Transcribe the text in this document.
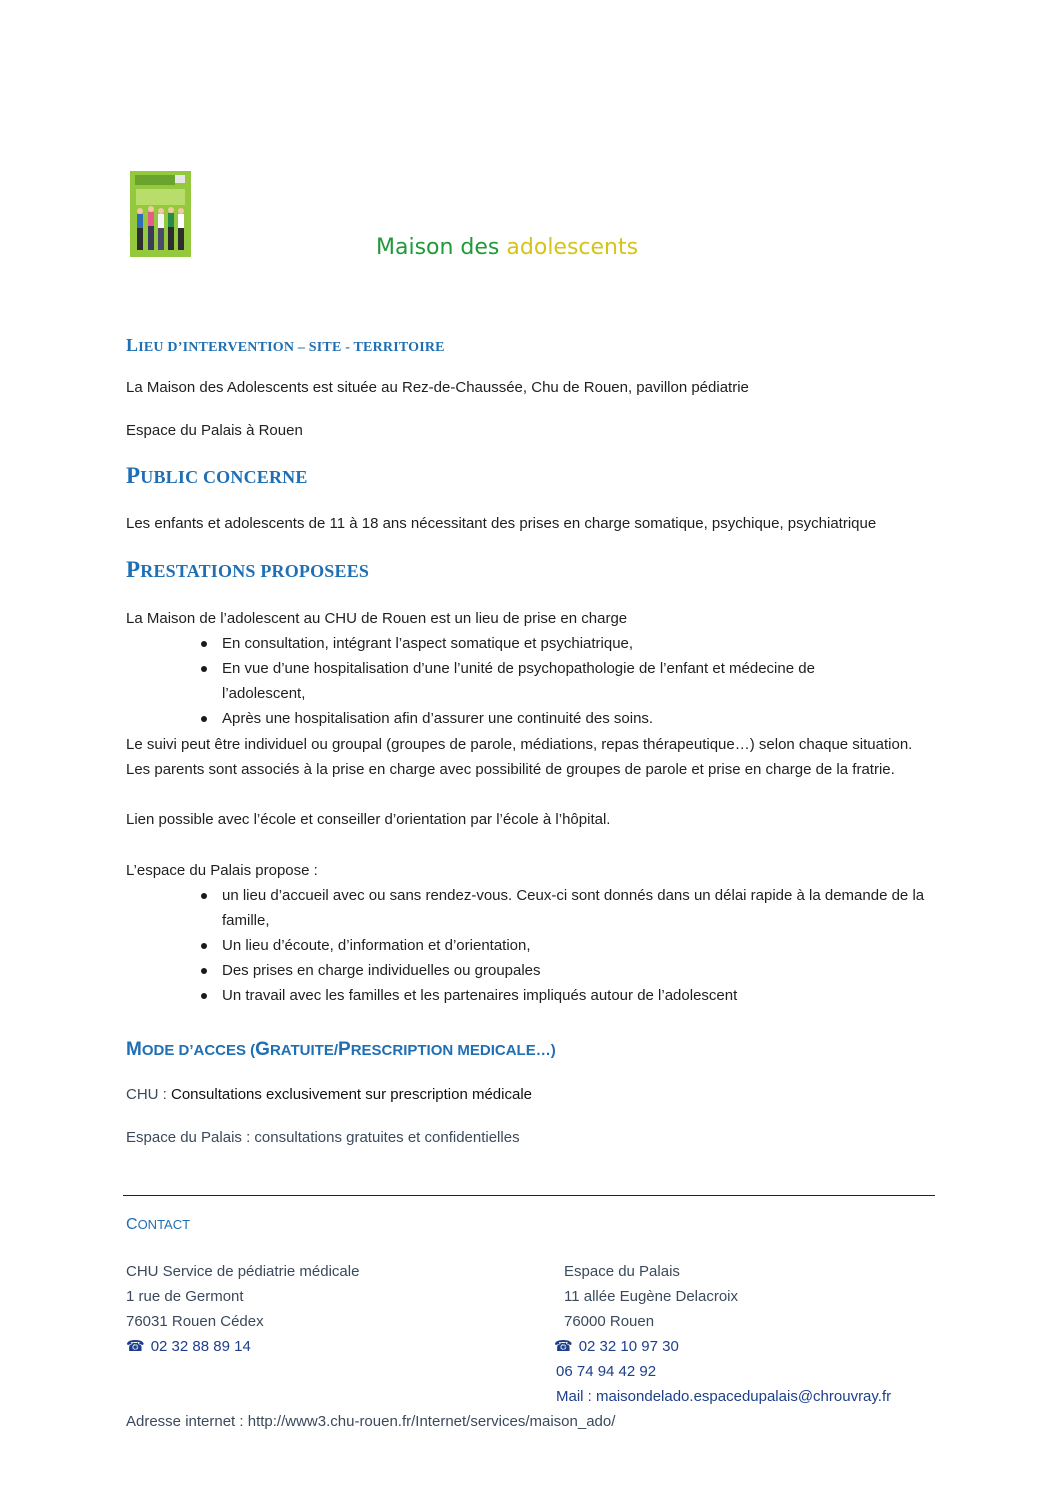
Maison des adolescents
LIEU D’INTERVENTION – SITE - TERRITOIRE
La Maison des Adolescents est située au Rez-de-Chaussée, Chu de Rouen, pavillon pédiatrie
Espace du Palais à Rouen
PUBLIC CONCERNE
Les enfants et adolescents de 11 à 18 ans nécessitant des prises en charge somatique, psychique, psychiatrique
PRESTATIONS PROPOSEES
La Maison de l’adolescent au CHU de Rouen est un lieu de prise en charge
En consultation, intégrant l’aspect somatique et psychiatrique,
En vue d’une hospitalisation d’une l’unité de psychopathologie de l’enfant et médecine de l’adolescent,
Après une hospitalisation afin d’assurer une continuité des soins.
Le suivi peut être individuel ou groupal (groupes de parole, médiations, repas thérapeutique…) selon chaque situation. Les parents sont associés à la prise en charge avec possibilité de groupes de parole et prise en charge de la fratrie.
Lien possible avec l’école et conseiller d’orientation par l’école à l’hôpital.
L’espace du Palais propose :
un lieu d’accueil avec ou sans rendez-vous. Ceux-ci sont donnés dans un délai rapide à la demande de la famille,
Un lieu d’écoute, d’information et d’orientation,
Des prises en charge individuelles ou groupales
Un travail avec les familles et les partenaires impliqués autour de l’adolescent
MODE D’ACCES (GRATUITE/PRESCRIPTION MEDICALE…)
CHU : Consultations exclusivement sur prescription médicale
Espace du Palais : consultations gratuites et confidentielles
CONTACT
CHU Service de pédiatrie médicale
1 rue de Germont
76031 Rouen Cédex
☎ 02 32 88 89 14
Espace du Palais
11 allée Eugène Delacroix
76000 Rouen
☎ 02 32 10 97 30
06 74 94 42 92
Mail : maisondelado.espacedupalais@chrouvray.fr
Adresse internet : http://www3.chu-rouen.fr/Internet/services/maison_ado/
